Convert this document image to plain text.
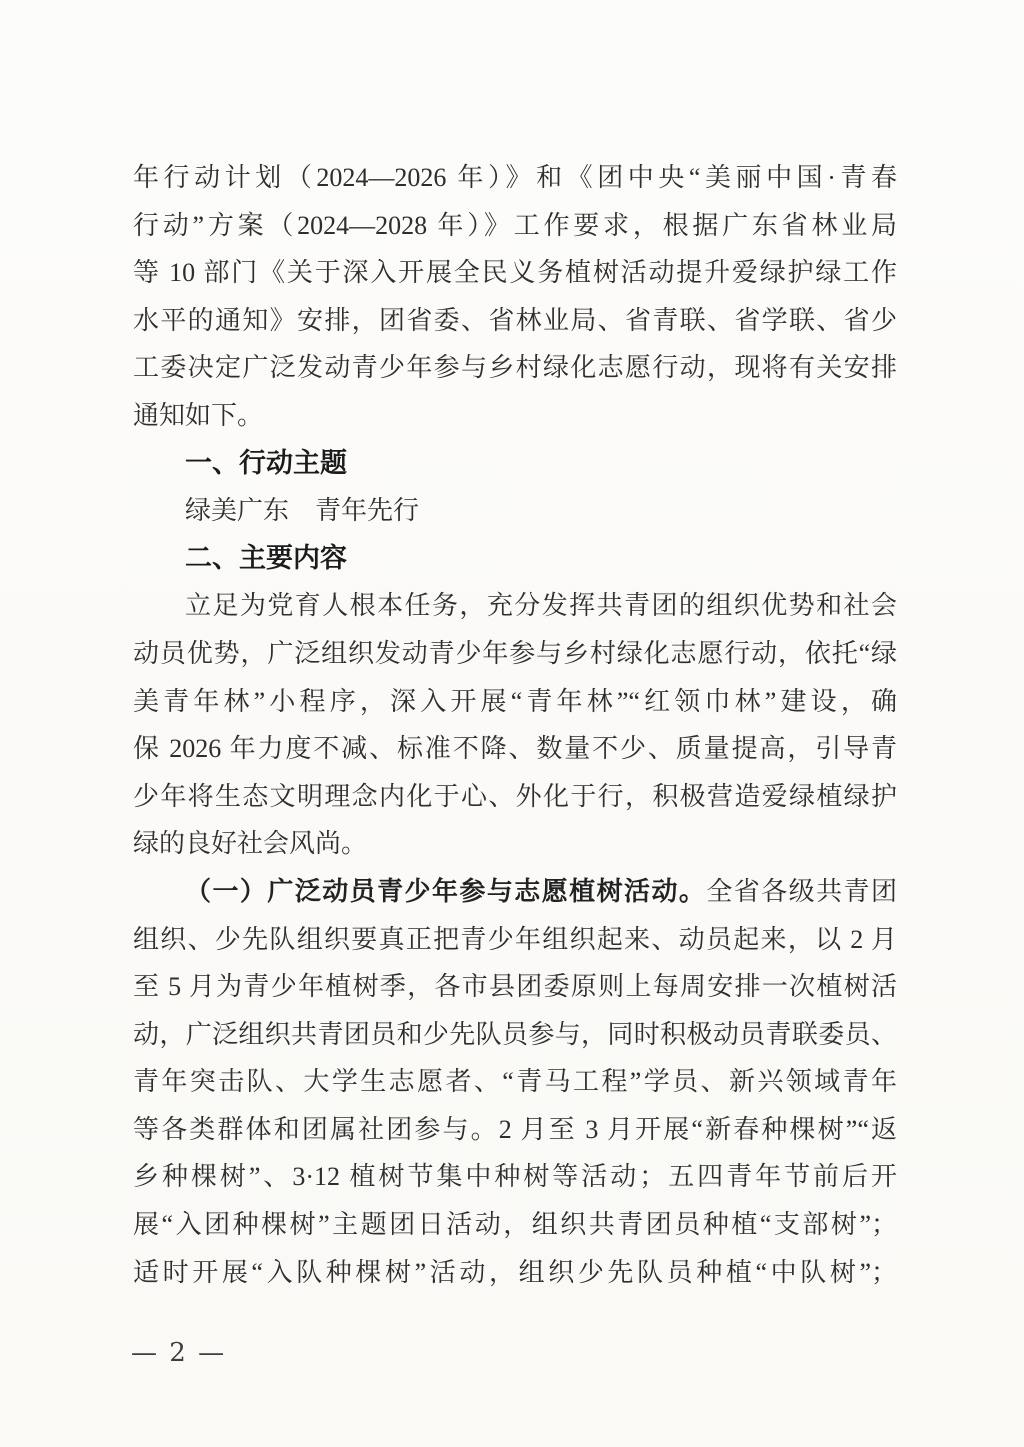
年行动计划（2024—2026 年）》和《团中央“美丽中国·青春
行动”方案（2024—2028 年）》工作要求，根据广东省林业局
等 10 部门《关于深入开展全民义务植树活动提升爱绿护绿工作
水平的通知》安排，团省委、省林业局、省青联、省学联、省少
工委决定广泛发动青少年参与乡村绿化志愿行动，现将有关安排
通知如下。
一、行动主题
绿美广东　青年先行
二、主要内容
立足为党育人根本任务，充分发挥共青团的组织优势和社会
动员优势，广泛组织发动青少年参与乡村绿化志愿行动，依托“绿
美青年林”小程序，深入开展“青年林”“红领巾林”建设，确
保 2026 年力度不减、标准不降、数量不少、质量提高，引导青
少年将生态文明理念内化于心、外化于行，积极营造爱绿植绿护
绿的良好社会风尚。
（一）广泛动员青少年参与志愿植树活动。全省各级共青团
组织、少先队组织要真正把青少年组织起来、动员起来，以 2 月
至 5 月为青少年植树季，各市县团委原则上每周安排一次植树活
动，广泛组织共青团员和少先队员参与，同时积极动员青联委员、
青年突击队、大学生志愿者、“青马工程”学员、新兴领域青年
等各类群体和团属社团参与。2 月至 3 月开展“新春种棵树”“返
乡种棵树”、3·12 植树节集中种树等活动；五四青年节前后开
展“入团种棵树”主题团日活动，组织共青团员种植“支部树”；
适时开展“入队种棵树”活动，组织少先队员种植“中队树”；
— 2 —
